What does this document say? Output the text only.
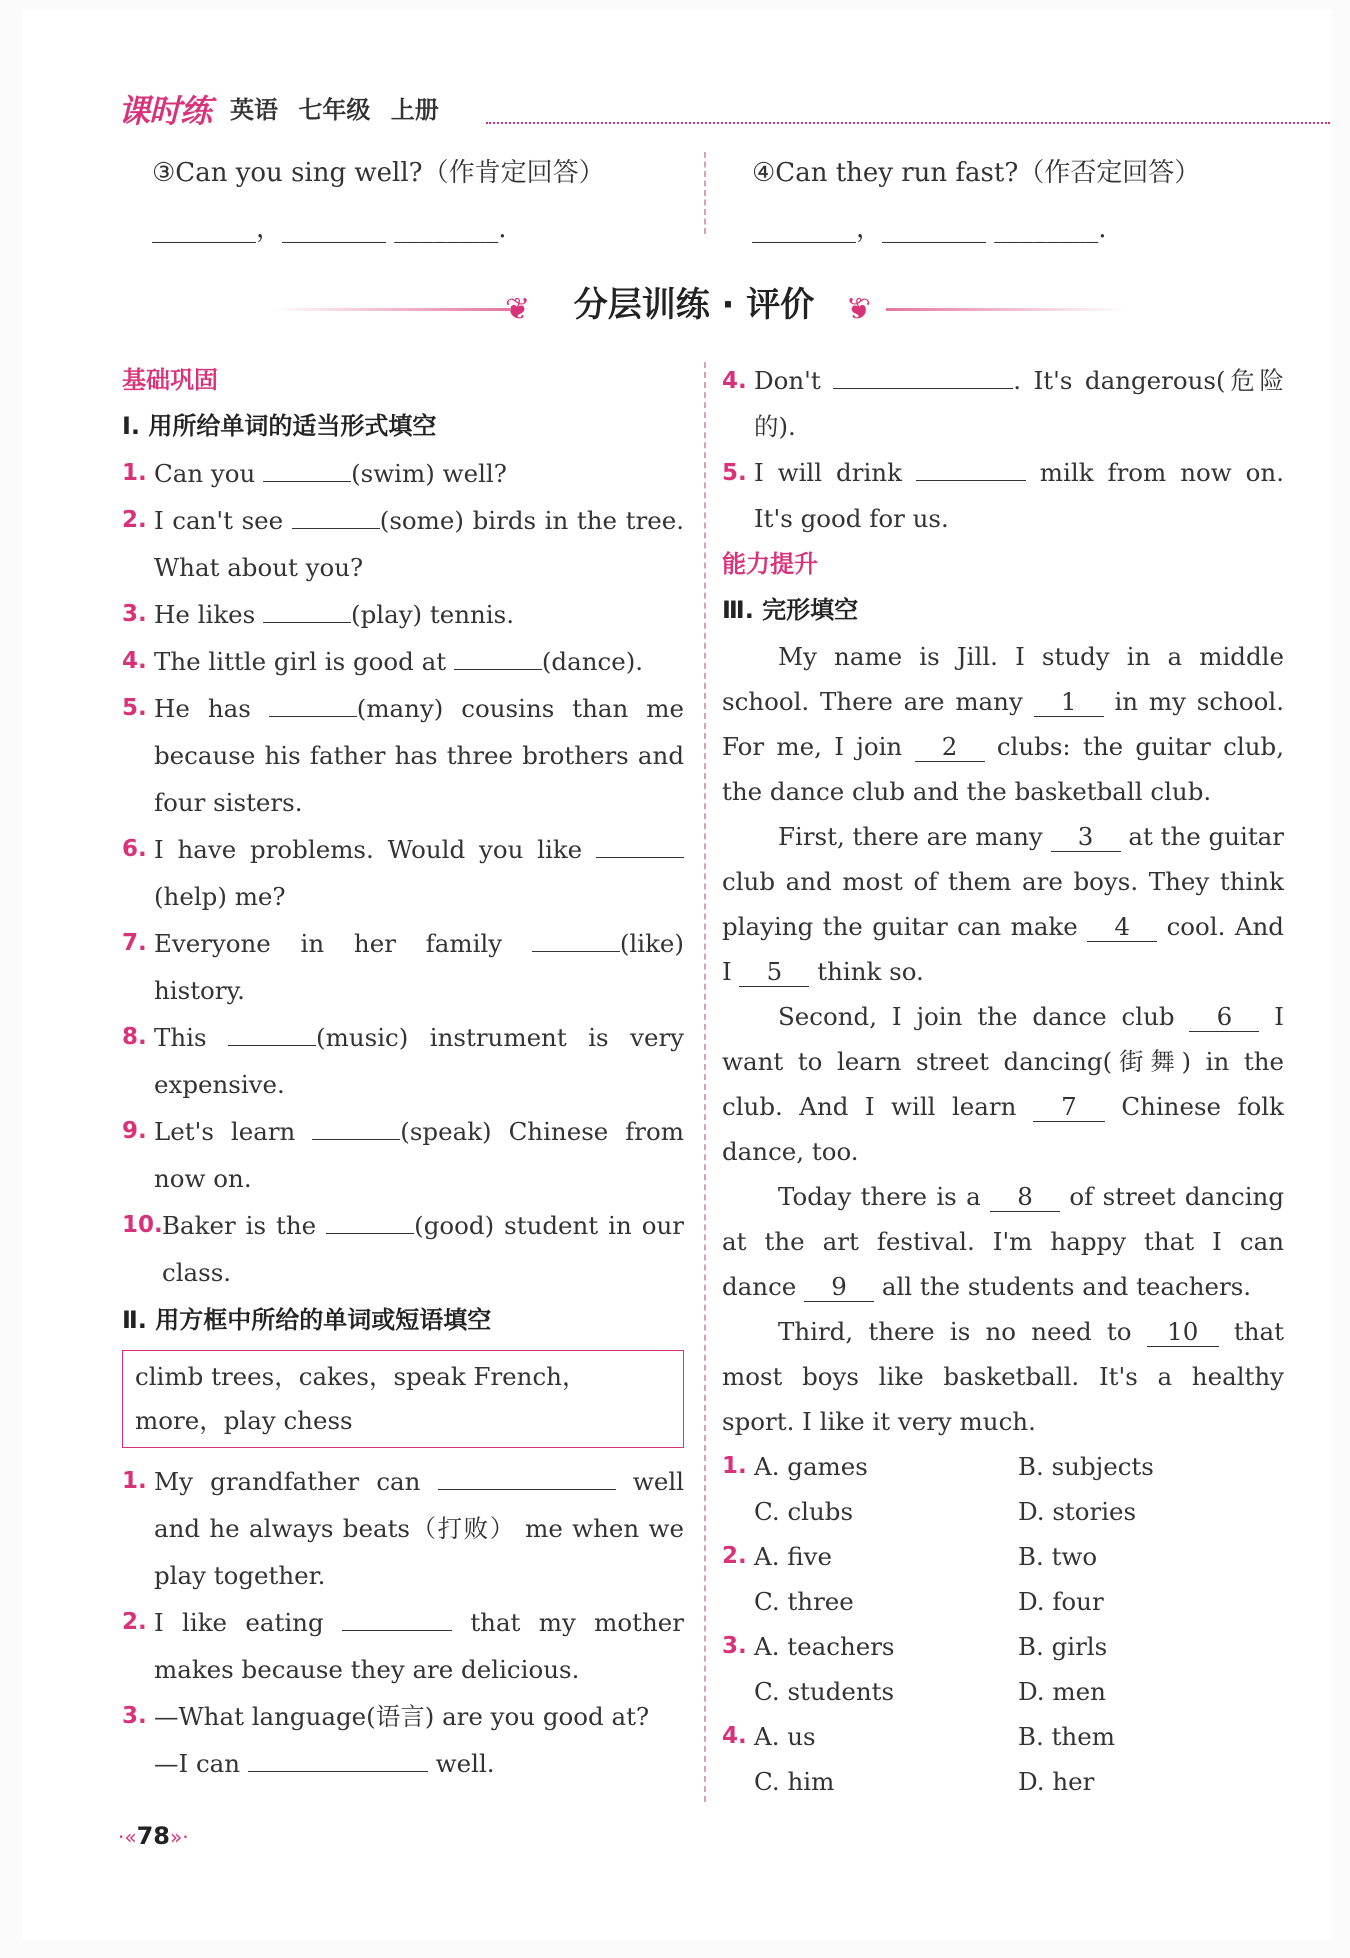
课时练 英语 七年级 上册
③Can you sing well?（作肯定回答）
________，________ ________.
④Can they run fast?（作否定回答）
________，________ ________.
❦	分层训练 · 评价	❦
基础巩固
Ⅰ. 用所给单词的适当形式填空
1. Can you	(swim) well?
2. I can't see	(some) birds in the tree. What about you?
3. He likes	(play) tennis.
4. The little girl is good at	(dance).
5. He has	(many) cousins than me because his father has three brothers and four sisters.
6. I have problems. Would you like (help) me?
7. Everyone in her family	(like) history.
8. This	(music) instrument is very expensive.
9. Let's learn	(speak) Chinese from now on.
10. Baker is the	(good) student in our class.
Ⅱ. 用方框中所给的单词或短语填空
climb trees，cakes，speak French，more，play chess
1. My grandfather can	well and he always beats（打败） me when we play together.
2. I like eating	that my mother makes because they are delicious.
3. —What language(语言) are you good at?
—I can	well.
4. Don't	. It's dangerous(危险的).
5. I will drink	milk from now on. It's good for us.
能力提升
Ⅲ. 完形填空
My name is Jill. I study in a middle school. There are many 1 in my school. For me, I join 2 clubs: the guitar club, the dance club and the basketball club.
First, there are many 3 at the guitar club and most of them are boys. They think playing the guitar can make 4 cool. And I 5 think so.
Second, I join the dance club 6 I want to learn street dancing(街舞) in the club. And I will learn 7 Chinese folk dance, too.
Today there is a 8 of street dancing at the art festival. I'm happy that I can dance 9 all the students and teachers.
Third, there is no need to 10 that most boys like basketball. It's a healthy sport. I like it very much.
1. A. games	B. subjects
C. clubs	D. stories
2. A. five	B. two
C. three	D. four
3. A. teachers	B. girls
C. students	D. men
4. A. us	B. them
C. him	D. her
·«78»·
